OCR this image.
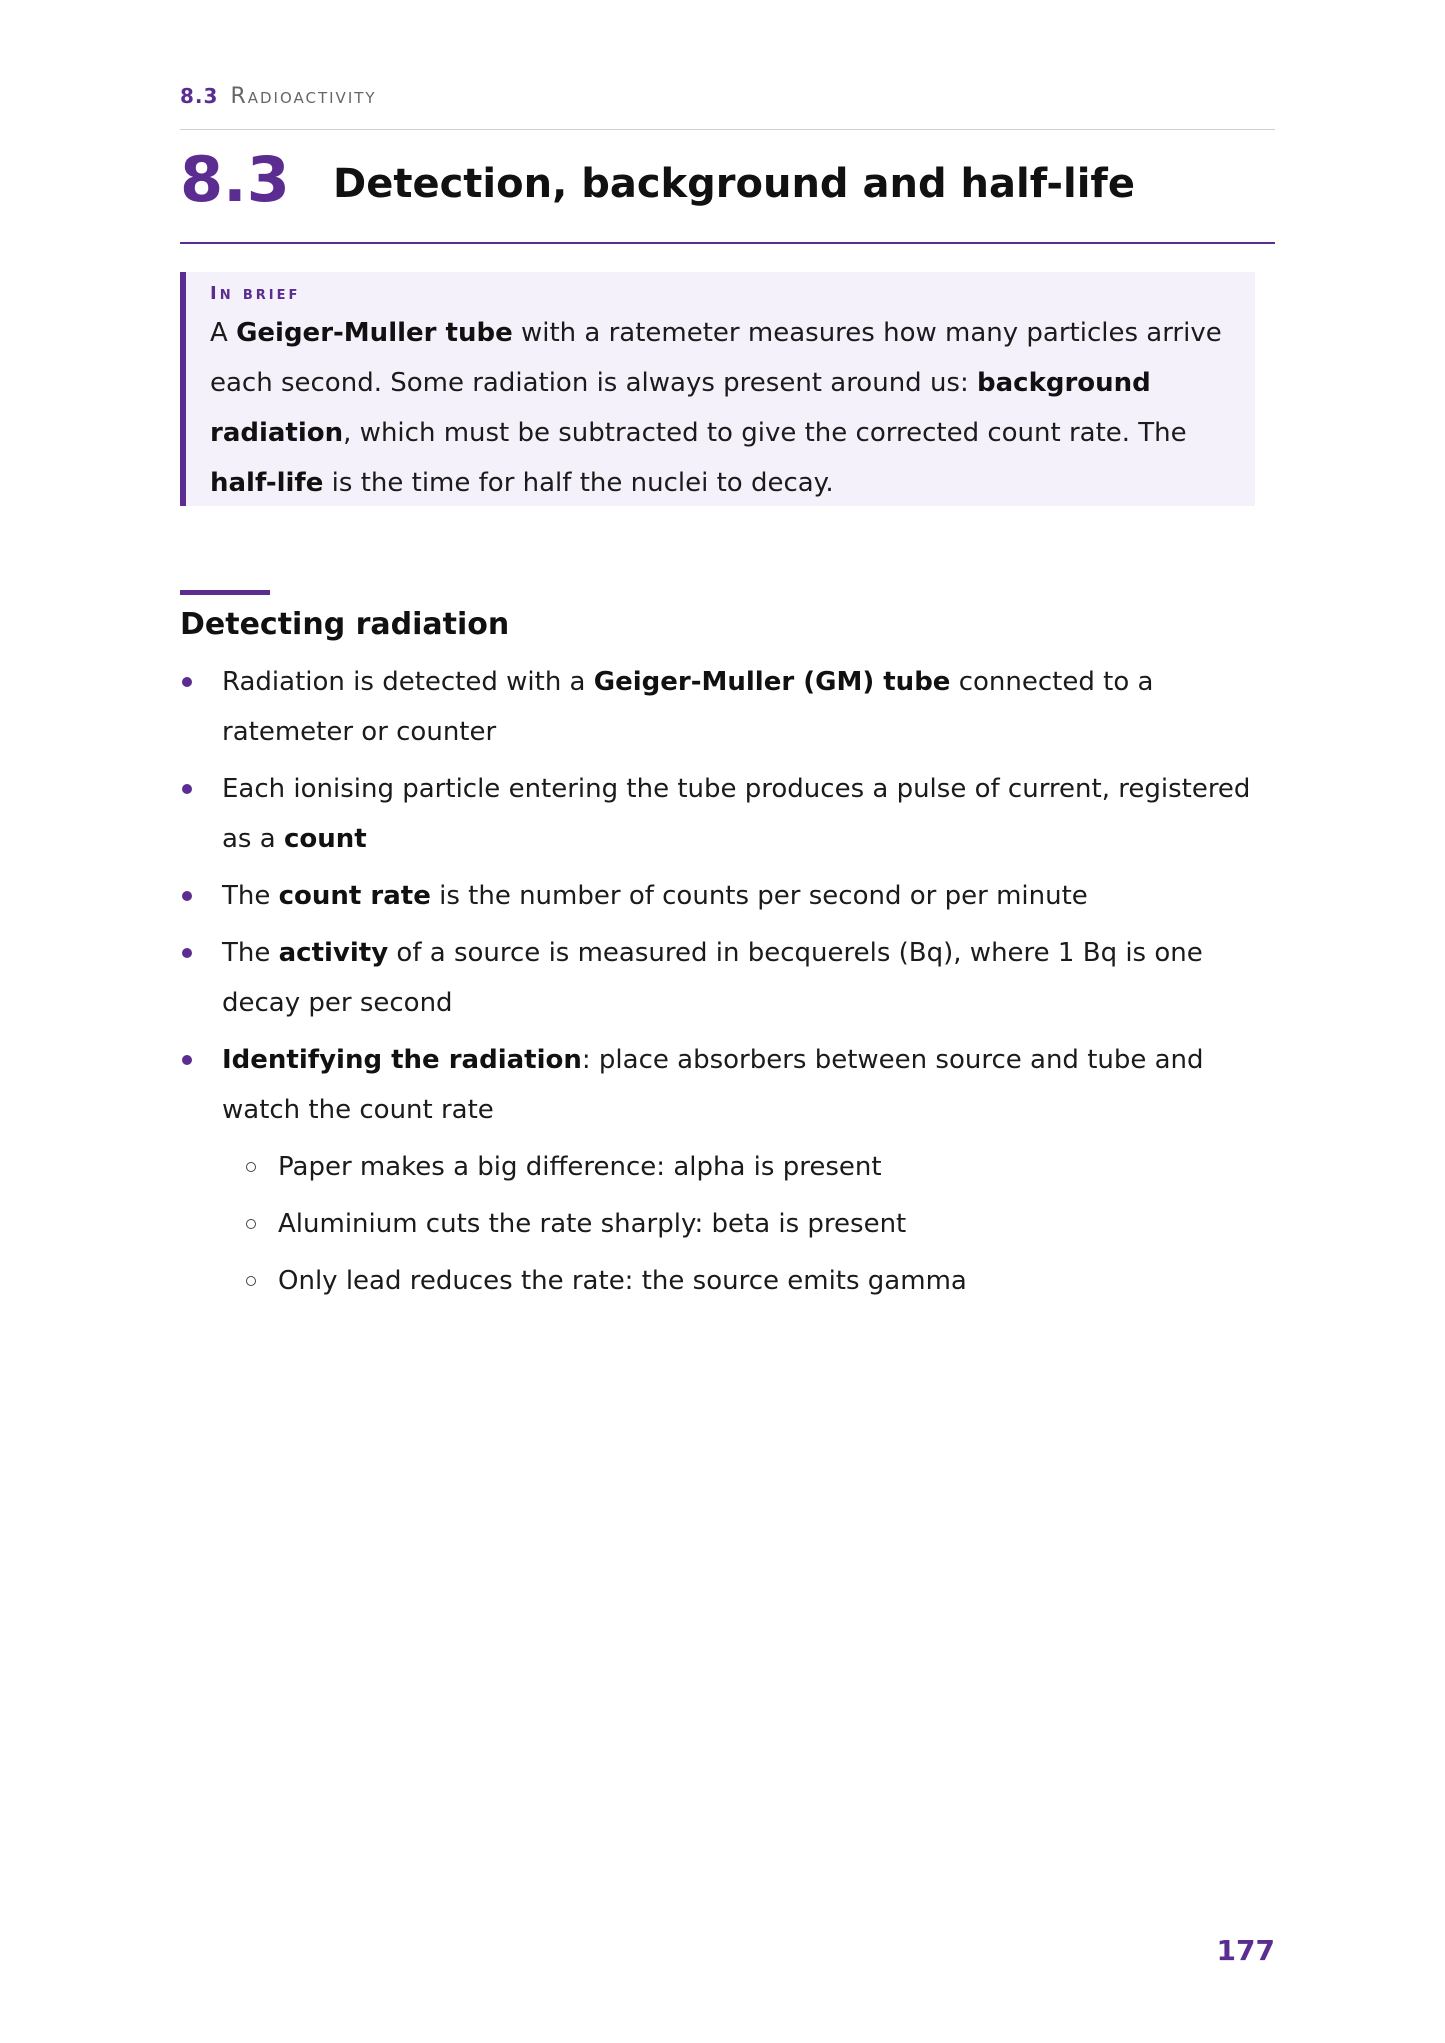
8.3 Radioactivity
8.3 Detection, background and half-life
In brief
A Geiger-Muller tube with a ratemeter measures how many particles arrive each second. Some radiation is always present around us: background radiation, which must be subtracted to give the corrected count rate. The half-life is the time for half the nuclei to decay.
Detecting radiation
Radiation is detected with a Geiger-Muller (GM) tube connected to a ratemeter or counter
Each ionising particle entering the tube produces a pulse of current, registered as a count
The count rate is the number of counts per second or per minute
The activity of a source is measured in becquerels (Bq), where 1 Bq is one decay per second
Identifying the radiation: place absorbers between source and tube and watch the count rate
Paper makes a big difference: alpha is present
Aluminium cuts the rate sharply: beta is present
Only lead reduces the rate: the source emits gamma
177
